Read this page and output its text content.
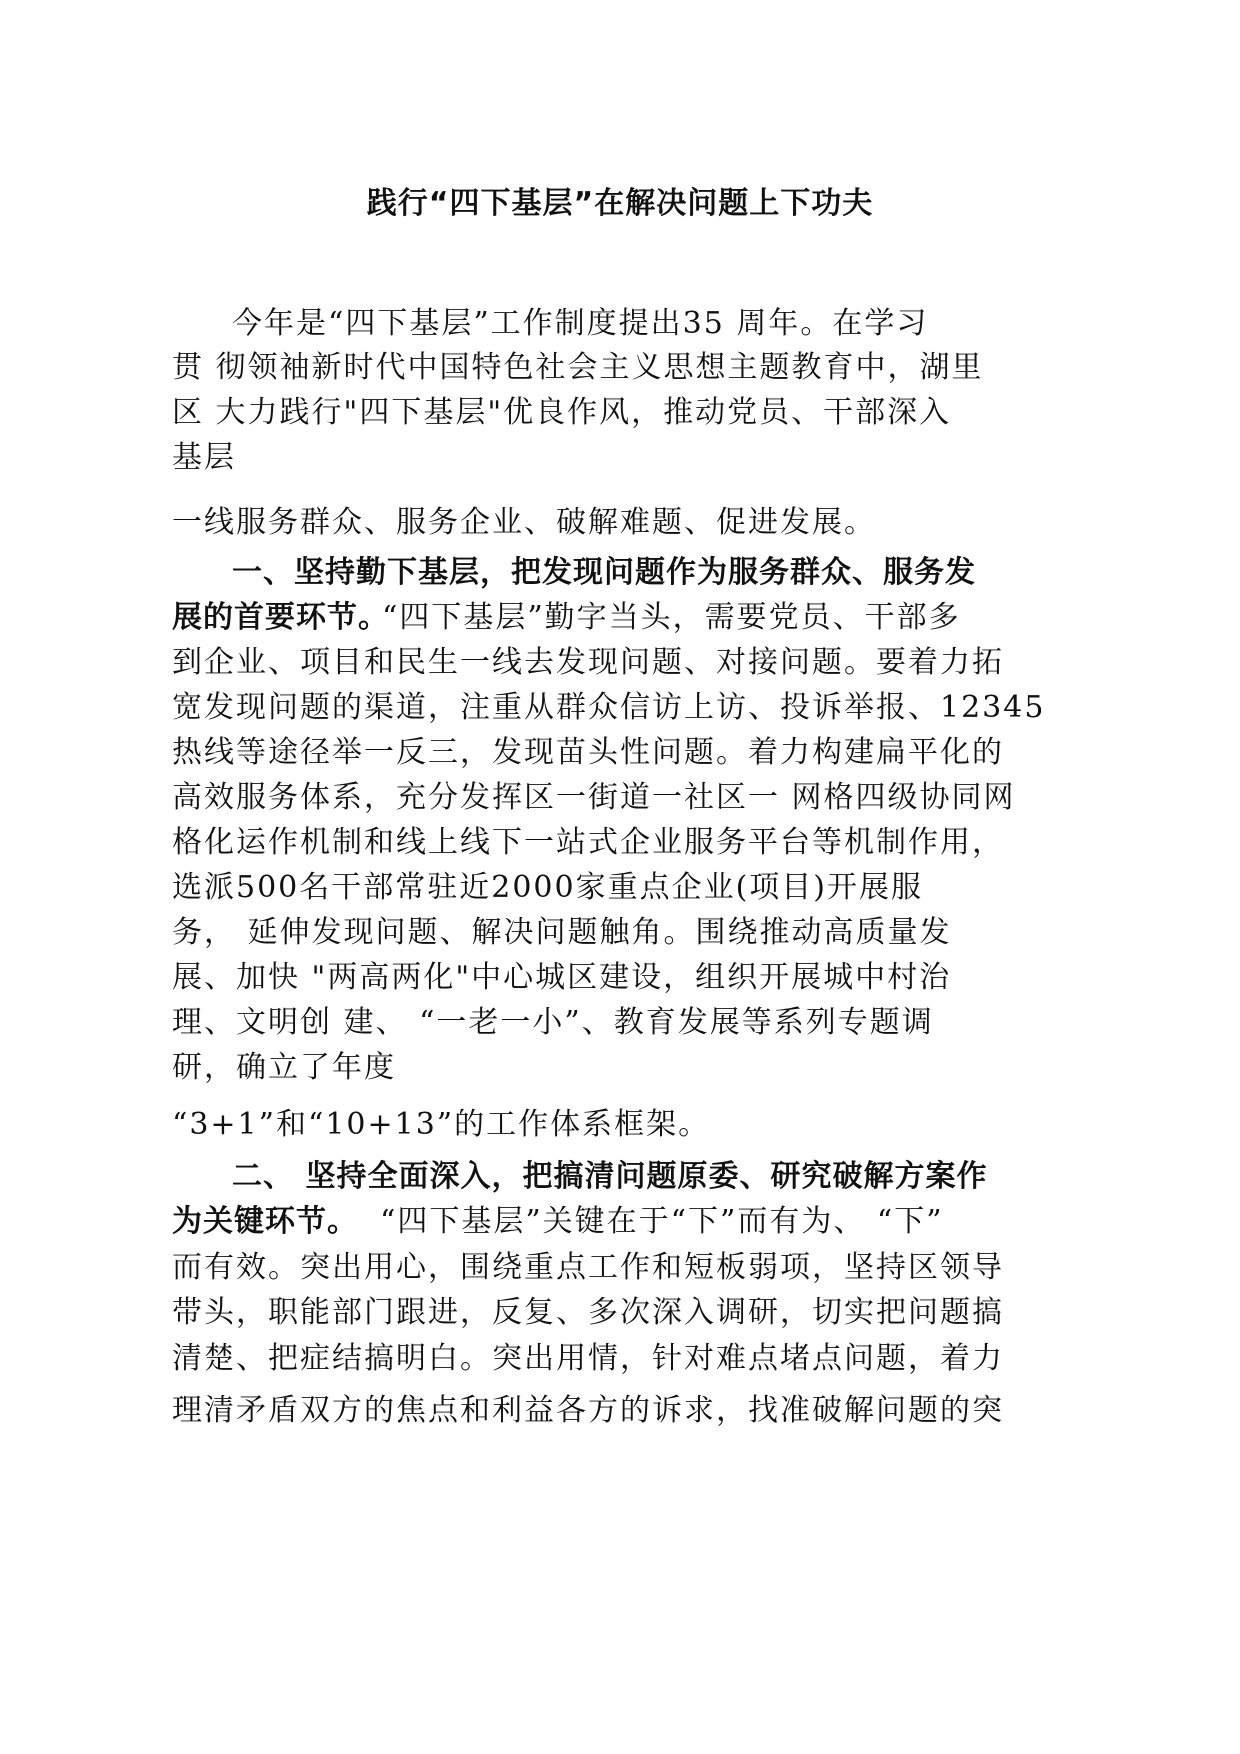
践行“四下基层”在解决问题上下功夫
今年是“四下基层”工作制度提出35 周年。在学习
贯 彻领袖新时代中国特色社会主义思想主题教育中，湖里
区 大力践行"四下基层"优良作风，推动党员、干部深入
基层
一线服务群众、服务企业、破解难题、促进发展。
一、坚持勤下基层，把发现问题作为服务群众、服务发
展的首要环节。
“四下基层”勤字当头，需要党员、干部多
到企业、项目和民生一线去发现问题、对接问题。要着力拓
宽发现问题的渠道，注重从群众信访上访、投诉举报、12345
热线等途径举一反三，发现苗头性问题。着力构建扁平化的
高效服务体系，充分发挥区一街道一社区一 网格四级协同网
格化运作机制和线上线下一站式企业服务平台等机制作用，
选派500名干部常驻近2000家重点企业(项目)开展服
务， 延伸发现问题、解决问题触角。围绕推动高质量发
展、加快 "两高两化"中心城区建设，组织开展城中村治
理、文明创 建、 “一老一小”、教育发展等系列专题调
研，确立了年度
“3+1”和“10+13”的工作体系框架。
二、 坚持全面深入，把搞清问题原委、研究破解方案作
为关键环节。 “四下基层”关键在于“下”而有为、 “下”
而有效。突出用心，围绕重点工作和短板弱项，坚持区领导
带头，职能部门跟进，反复、多次深入调研，切实把问题搞
清楚、把症结搞明白。突出用情，针对难点堵点问题，着力
理清矛盾双方的焦点和利益各方的诉求，找准破解问题的突
